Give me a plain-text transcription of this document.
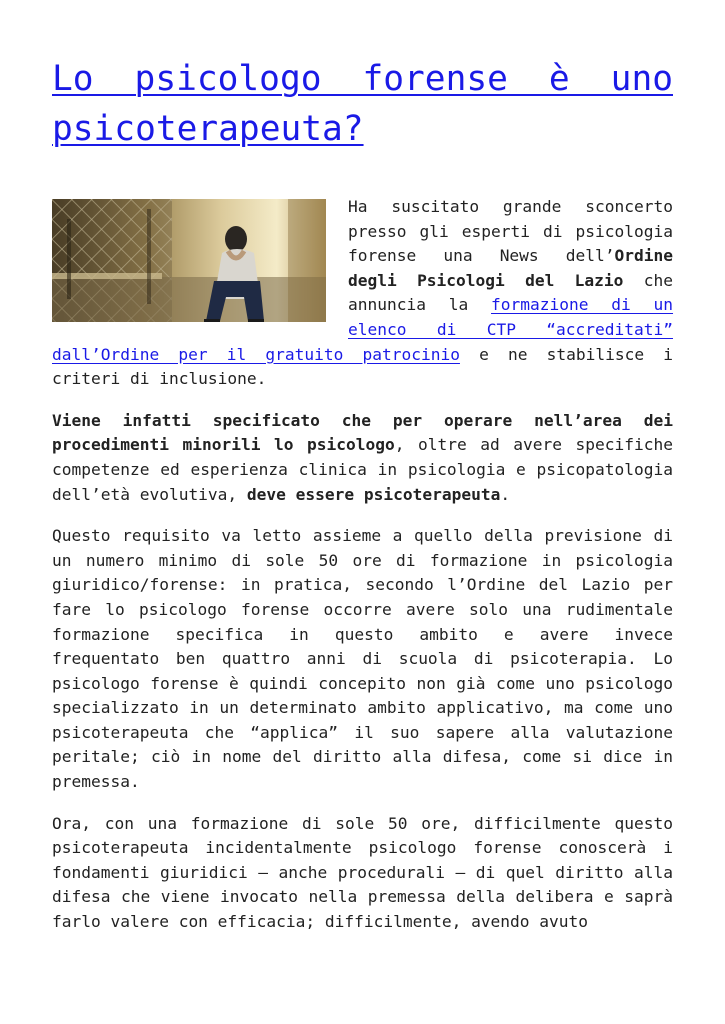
Lo psicologo forense è uno psicoterapeuta?

Ha suscitato grande sconcerto presso gli esperti di psicologia forense una News dell’Ordine degli Psicologi del Lazio che annuncia la formazione di un elenco di CTP “accreditati” dall’Ordine per il gratuito patrocinio e ne stabilisce i criteri di inclusione.

Viene infatti specificato che per operare nell’area dei procedimenti minorili lo psicologo, oltre ad avere specifiche competenze ed esperienza clinica in psicologia e psicopatologia dell’età evolutiva, deve essere psicoterapeuta.

Questo requisito va letto assieme a quello della previsione di un numero minimo di sole 50 ore di formazione in psicologia giuridico/forense: in pratica, secondo l’Ordine del Lazio per fare lo psicologo forense occorre avere solo una rudimentale formazione specifica in questo ambito e avere invece frequentato ben quattro anni di scuola di psicoterapia. Lo psicologo forense è quindi concepito non già come uno psicologo specializzato in un determinato ambito applicativo, ma come uno psicoterapeuta che “applica” il suo sapere alla valutazione peritale; ciò in nome del diritto alla difesa, come si dice in premessa.

Ora, con una formazione di sole 50 ore, difficilmente questo psicoterapeuta incidentalmente psicologo forense conoscerà i fondamenti giuridici – anche procedurali – di quel diritto alla difesa che viene invocato nella premessa della delibera e saprà farlo valere con efficacia; difficilmente, avendo avuto
